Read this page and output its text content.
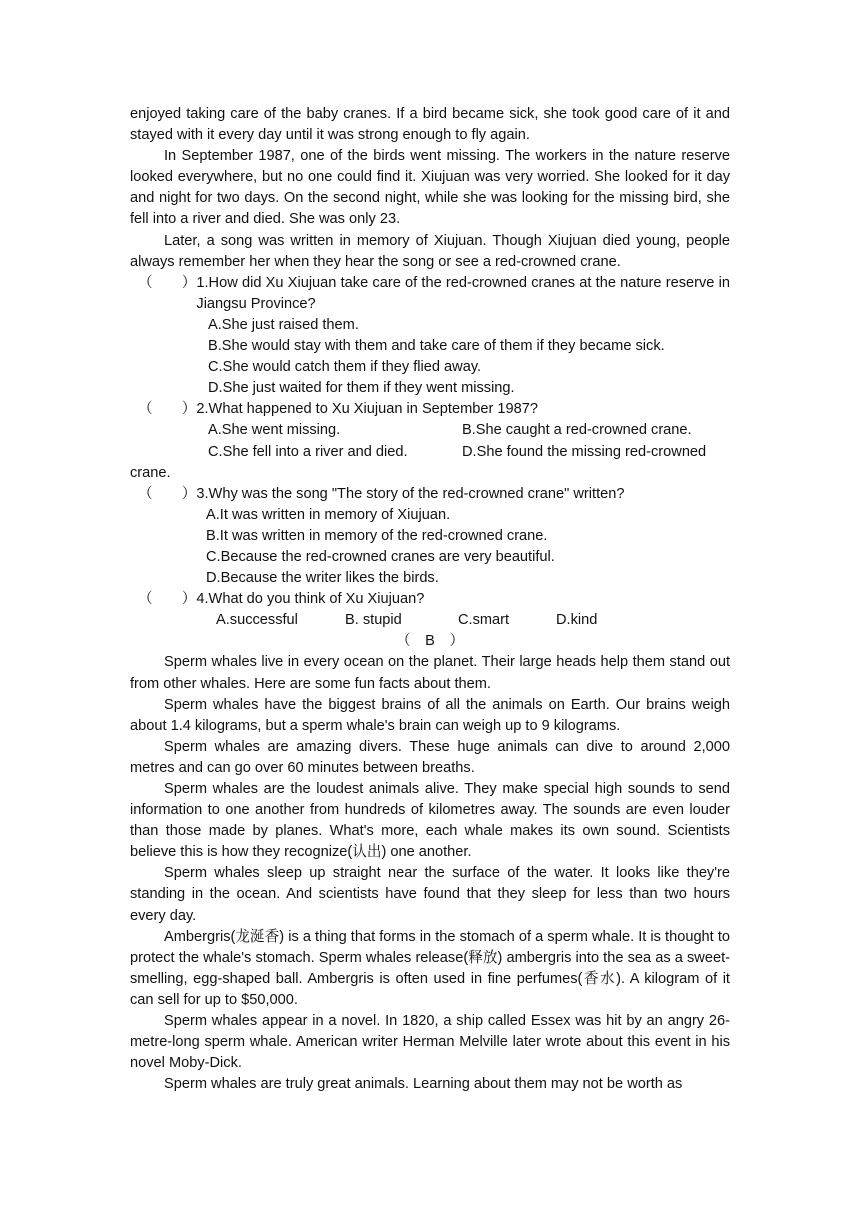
enjoyed taking care of the baby cranes. If a bird became sick, she took good care of it and stayed with it every day until it was strong enough to fly again.

In September 1987, one of the birds went missing. The workers in the nature reserve looked everywhere, but no one could find it. Xiujuan was very worried. She looked for it day and night for two days. On the second night, while she was looking for the missing bird, she fell into a river and died. She was only 23.

Later, a song was written in memory of Xiujuan. Though Xiujuan died young, people always remember her when they hear the song or see a red-crowned crane.

（　　） 1.How did Xu Xiujuan take care of the red-crowned cranes at the nature reserve in Jiangsu Province?

A.She just raised them.

B.She would stay with them and take care of them if they became sick.

C.She would catch them if they flied away.

D.She just waited for them if they went missing.

（　　） 2.What happened to Xu Xiujuan in September 1987?
A.She went missing.	B.She caught a red-crowned crane.
C.She fell into a river and died.	D.She found the missing red-crowned

crane.

（　　） 3.Why was the song "The story of the red-crowned crane" written?

A.It was written in memory of Xiujuan.

B.It was written in memory of the red-crowned crane.

C.Because the red-crowned cranes are very beautiful.

D.Because the writer likes the birds.

（　　） 4.What do you think of Xu Xiujuan?
A.successful	B. stupid	C.smart	D.kind

（　B　）

Sperm whales live in every ocean on the planet. Their large heads help them stand out from other whales. Here are some fun facts about them.

Sperm whales have the biggest brains of all the animals on Earth. Our brains weigh about 1.4 kilograms, but a sperm whale's brain can weigh up to 9 kilograms.

Sperm whales are amazing divers. These huge animals can dive to around 2,000 metres and can go over 60 minutes between breaths.

Sperm whales are the loudest animals alive. They make special high sounds to send information to one another from hundreds of kilometres away. The sounds are even louder than those made by planes. What's more, each whale makes its own sound. Scientists believe this is how they recognize(认出) one another.

Sperm whales sleep up straight near the surface of the water. It looks like they're standing in the ocean. And scientists have found that they sleep for less than two hours every day.

Ambergris(龙涎香) is a thing that forms in the stomach of a sperm whale. It is thought to protect the whale's stomach. Sperm whales release(释放) ambergris into the sea as a sweet-smelling, egg-shaped ball. Ambergris is often used in fine perfumes(香水). A kilogram of it can sell for up to $50,000.

Sperm whales appear in a novel. In 1820, a ship called Essex was hit by an angry 26-metre-long sperm whale. American writer Herman Melville later wrote about this event in his novel Moby-Dick.

Sperm whales are truly great animals. Learning about them may not be worth as
